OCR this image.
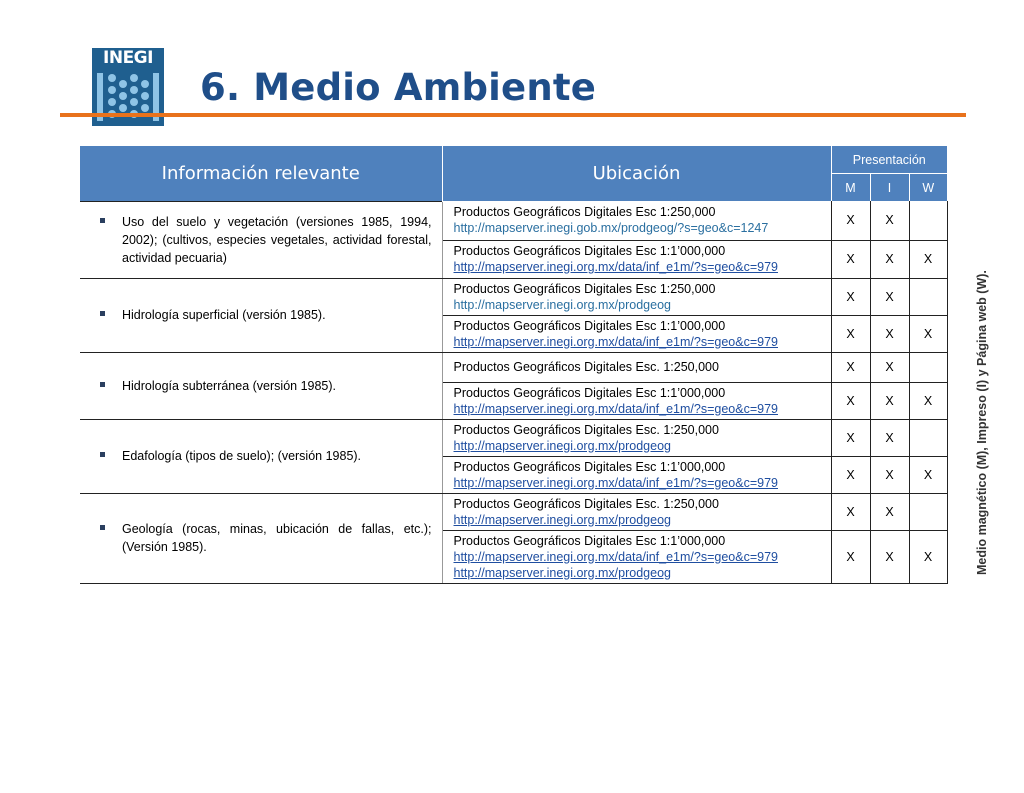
INEGI
6. Medio Ambiente
Medio magnético (M), Impreso (I) y Página web (W).
Información relevante	Ubicación	Presentación		
		M	I	W

Uso del suelo y vegetación (versiones 1985, 1994, 2002); (cultivos, especies vegetales, actividad forestal, actividad pecuaria)	Productos Geográficos Digitales Esc 1:250,000
http://mapserver.inegi.gob.mx/prodgeog/?s=geo&c=1247	X	X	
	Productos Geográficos Digitales Esc 1:1’000,000
http://mapserver.inegi.org.mx/data/inf_e1m/?s=geo&c=979	X	X	X

Hidrología superficial (versión 1985).	Productos Geográficos Digitales Esc 1:250,000
http://mapserver.inegi.org.mx/prodgeog	X	X	
	Productos Geográficos Digitales Esc 1:1’000,000
http://mapserver.inegi.org.mx/data/inf_e1m/?s=geo&c=979	X	X	X

Hidrología subterránea (versión 1985).	Productos Geográficos Digitales Esc. 1:250,000	X	X	
	Productos Geográficos Digitales Esc 1:1’000,000
http://mapserver.inegi.org.mx/data/inf_e1m/?s=geo&c=979	X	X	X

Edafología (tipos de suelo); (versión 1985).	Productos Geográficos Digitales Esc. 1:250,000
http://mapserver.inegi.org.mx/prodgeog	X	X	
	Productos Geográficos Digitales Esc 1:1’000,000
http://mapserver.inegi.org.mx/data/inf_e1m/?s=geo&c=979	X	X	X

Geología (rocas, minas, ubicación de fallas, etc.); (Versión 1985).	Productos Geográficos Digitales Esc. 1:250,000
http://mapserver.inegi.org.mx/prodgeog	X	X	
	Productos Geográficos Digitales Esc 1:1’000,000
http://mapserver.inegi.org.mx/data/inf_e1m/?s=geo&c=979
http://mapserver.inegi.org.mx/prodgeog	X	X	X
